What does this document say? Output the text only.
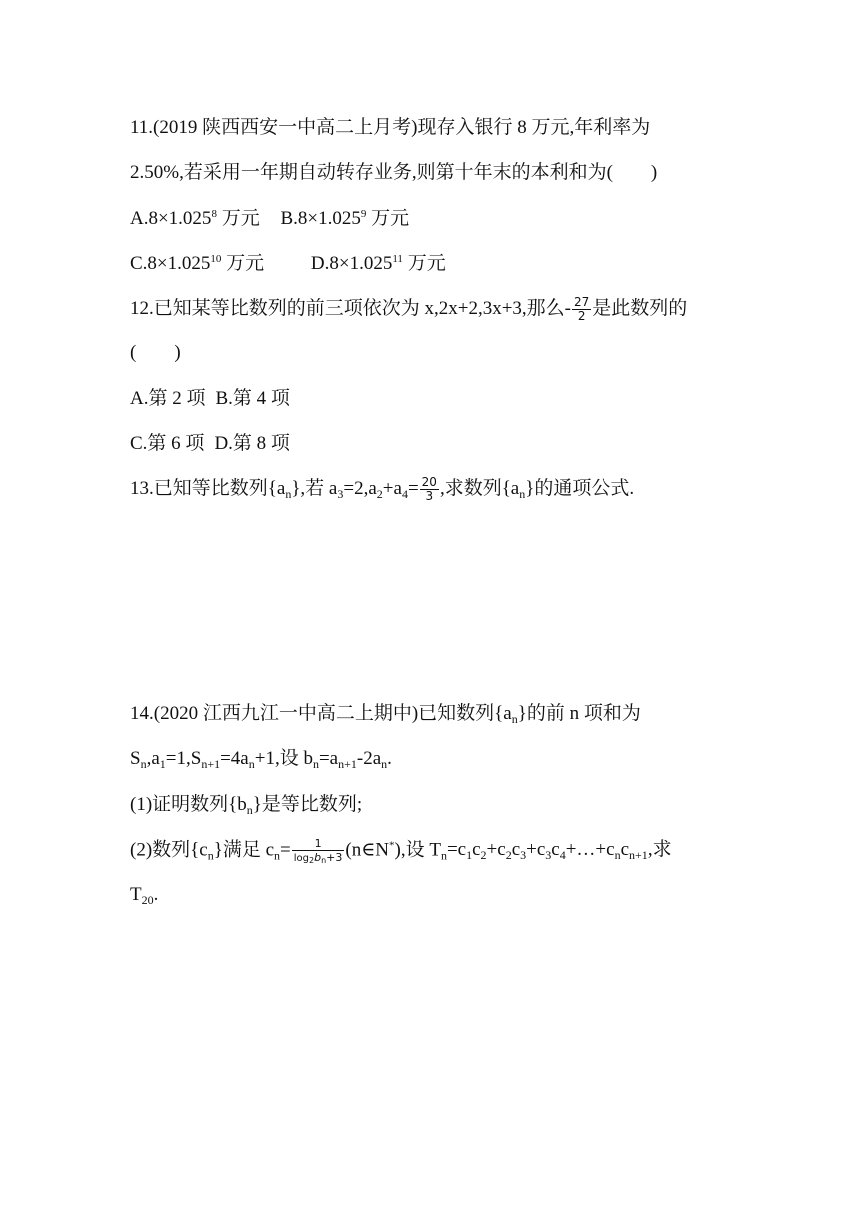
11.(2019 陕西西安一中高二上月考)现存入银行 8 万元,年利率为
2.50%,若采用一年期自动转存业务,则第十年末的本利和为(　　)
$A.8\times 1.025^8$ 万元 $B.8\times 1.025^9$ 万元
$C.8\times 1.025^{10}$ 万元 $D.8\times 1.025^{11}$ 万元
12.已知某等比数列的前三项依次为 x,2x+2,3x+3,那么- $\frac{27}{2}$ 是此数列的
(　　)
A.第 2 项 B.第 4 项
C.第 6 项 D.第 8 项
13.已知等比数列$\{a_n\}$,若 $a_3=2,a_2+a_4= \frac{20}{3}$ ,求数列$\{a_n\}$的通项公式.
14.(2020 江西九江一中高二上期中)已知数列$\{a_n\}$的前 n 项和为
$S_n,a_1=1,S_{n+1}=4a_n+1$,设 $b_n=a_{n+1}-2a_n$.
(1)证明数列$\{b_n\}$是等比数列;
(2)数列$\{c_n\}$满足 $c_n= \frac{1}{\log_2b_n+3}$ (n∈N*),设 $T_n=c_1c_2+c_2c_3+c_3c_4+\dots+c_nc_{n+1}$,求
$T_{20}$.
